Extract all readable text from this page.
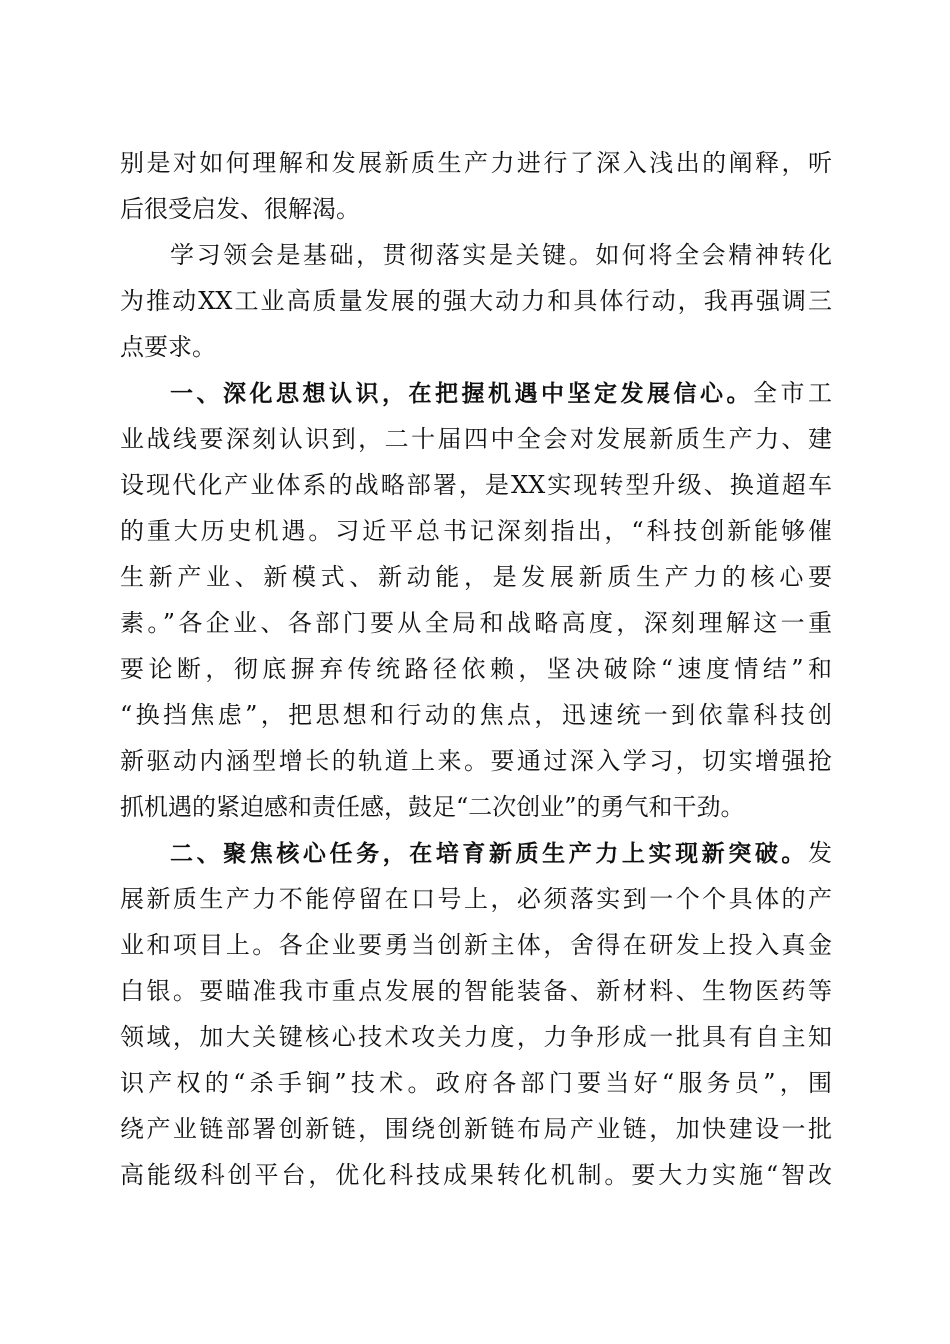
别是对如何理解和发展新质生产力进行了深入浅出的阐释，听
后很受启发、很解渴。
学习领会是基础，贯彻落实是关键。如何将全会精神转化
为推动XX工业高质量发展的强大动力和具体行动，我再强调三
点要求。
一、深化思想认识，在把握机遇中坚定发展信心。全市工
业战线要深刻认识到，二十届四中全会对发展新质生产力、建
设现代化产业体系的战略部署，是XX实现转型升级、换道超车
的重大历史机遇。习近平总书记深刻指出，“科技创新能够催
生新产业、新模式、新动能，是发展新质生产力的核心要
素。”各企业、各部门要从全局和战略高度，深刻理解这一重
要论断，彻底摒弃传统路径依赖，坚决破除“速度情结”和
“换挡焦虑”，把思想和行动的焦点，迅速统一到依靠科技创
新驱动内涵型增长的轨道上来。要通过深入学习，切实增强抢
抓机遇的紧迫感和责任感，鼓足“二次创业”的勇气和干劲。
二、聚焦核心任务，在培育新质生产力上实现新突破。发
展新质生产力不能停留在口号上，必须落实到一个个具体的产
业和项目上。各企业要勇当创新主体，舍得在研发上投入真金
白银。要瞄准我市重点发展的智能装备、新材料、生物医药等
领域，加大关键核心技术攻关力度，力争形成一批具有自主知
识产权的“杀手锏”技术。政府各部门要当好“服务员”，围
绕产业链部署创新链，围绕创新链布局产业链，加快建设一批
高能级科创平台，优化科技成果转化机制。要大力实施“智改
